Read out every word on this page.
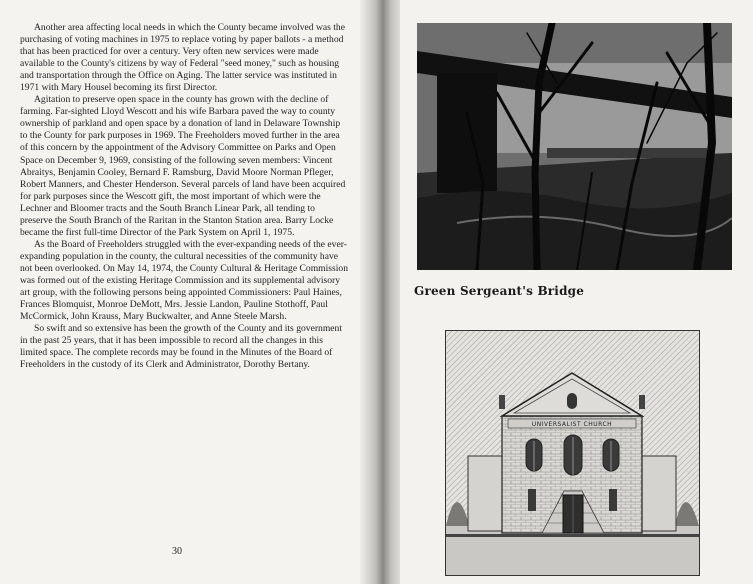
Another area affecting local needs in which the County became involved was the purchasing of voting machines in 1975 to replace voting by paper ballots - a method that has been practiced for over a century. Very often new services were made available to the County's citizens by way of Federal "seed money," such as housing and transportation through the Office on Aging. The latter service was instituted in 1971 with Mary Housel becoming its first Director.

Agitation to preserve open space in the county has grown with the decline of farming. Far-sighted Lloyd Wescott and his wife Barbara paved the way to county ownership of parkland and open space by a donation of land in Delaware Township to the County for park purposes in 1969. The Freeholders moved further in the area of this concern by the appointment of the Advisory Committee on Parks and Open Space on December 9, 1969, consisting of the following seven members: Vincent Abraitys, Benjamin Cooley, Bernard F. Ramsburg, David Moore Norman Pfleger, Robert Manners, and Chester Henderson. Several parcels of land have been acquired for park purposes since the Wescott gift, the most important of which were the Lechner and Bloomer tracts and the South Branch Linear Park, all tending to preserve the South Branch of the Raritan in the Stanton Station area. Barry Locke became the first full-time Director of the Park System on April 1, 1975.

As the Board of Freeholders struggled with the ever-expanding needs of the ever-expanding population in the county, the cultural necessities of the community have not been overlooked. On May 14, 1974, the County Cultural & Heritage Commission was formed out of the existing Heritage Commission and its supplemental advisory art group, with the following persons being appointed Commissioners: Paul Haines, Frances Blomquist, Monroe DeMott, Mrs. Jessie Landon, Pauline Stothoff, Paul McCormick, John Krauss, Mary Buckwalter, and Anne Steele Marsh.

So swift and so extensive has been the growth of the County and its government in the past 25 years, that it has been impossible to record all the changes in this limited space. The complete records may be found in the Minutes of the Board of Freeholders in the custody of its Clerk and Administrator, Dorothy Bertany.

30
Green Sergeant's Bridge
UNIVERSALIST CHURCH
